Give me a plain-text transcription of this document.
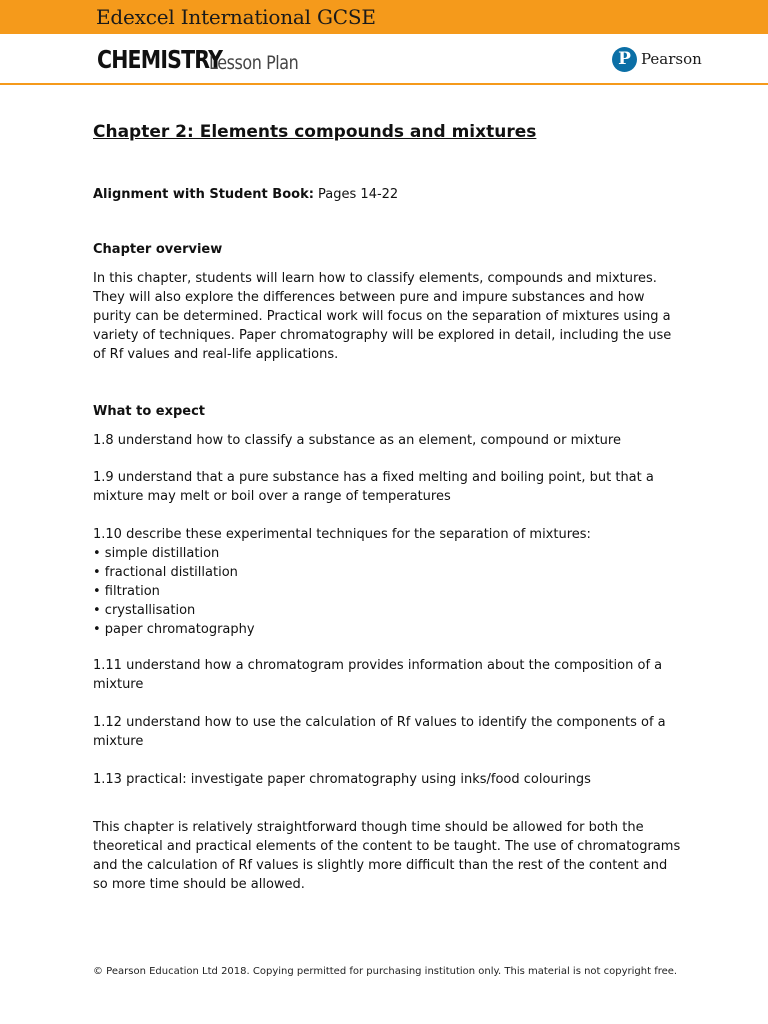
Edexcel International GCSE
CHEMISTRY
Lesson Plan	P Pearson
Chapter 2: Elements compounds and mixtures
Alignment with Student Book: Pages 14-22
Chapter overview
In this chapter, students will learn how to classify elements, compounds and mixtures. They will also explore the differences between pure and impure substances and how purity can be determined. Practical work will focus on the separation of mixtures using a variety of techniques. Paper chromatography will be explored in detail, including the use of Rf values and real-life applications.
What to expect
1.8 understand how to classify a substance as an element, compound or mixture
1.9 understand that a pure substance has a fixed melting and boiling point, but that a mixture may melt or boil over a range of temperatures
1.10 describe these experimental techniques for the separation of mixtures:
• simple distillation
• fractional distillation
• filtration
• crystallisation
• paper chromatography
1.11 understand how a chromatogram provides information about the composition of a mixture
1.12 understand how to use the calculation of Rf values to identify the components of a mixture
1.13 practical: investigate paper chromatography using inks/food colourings
This chapter is relatively straightforward though time should be allowed for both the theoretical and practical elements of the content to be taught. The use of chromatograms and the calculation of Rf values is slightly more difficult than the rest of the content and so more time should be allowed.
© Pearson Education Ltd 2018. Copying permitted for purchasing institution only. This material is not copyright free.
